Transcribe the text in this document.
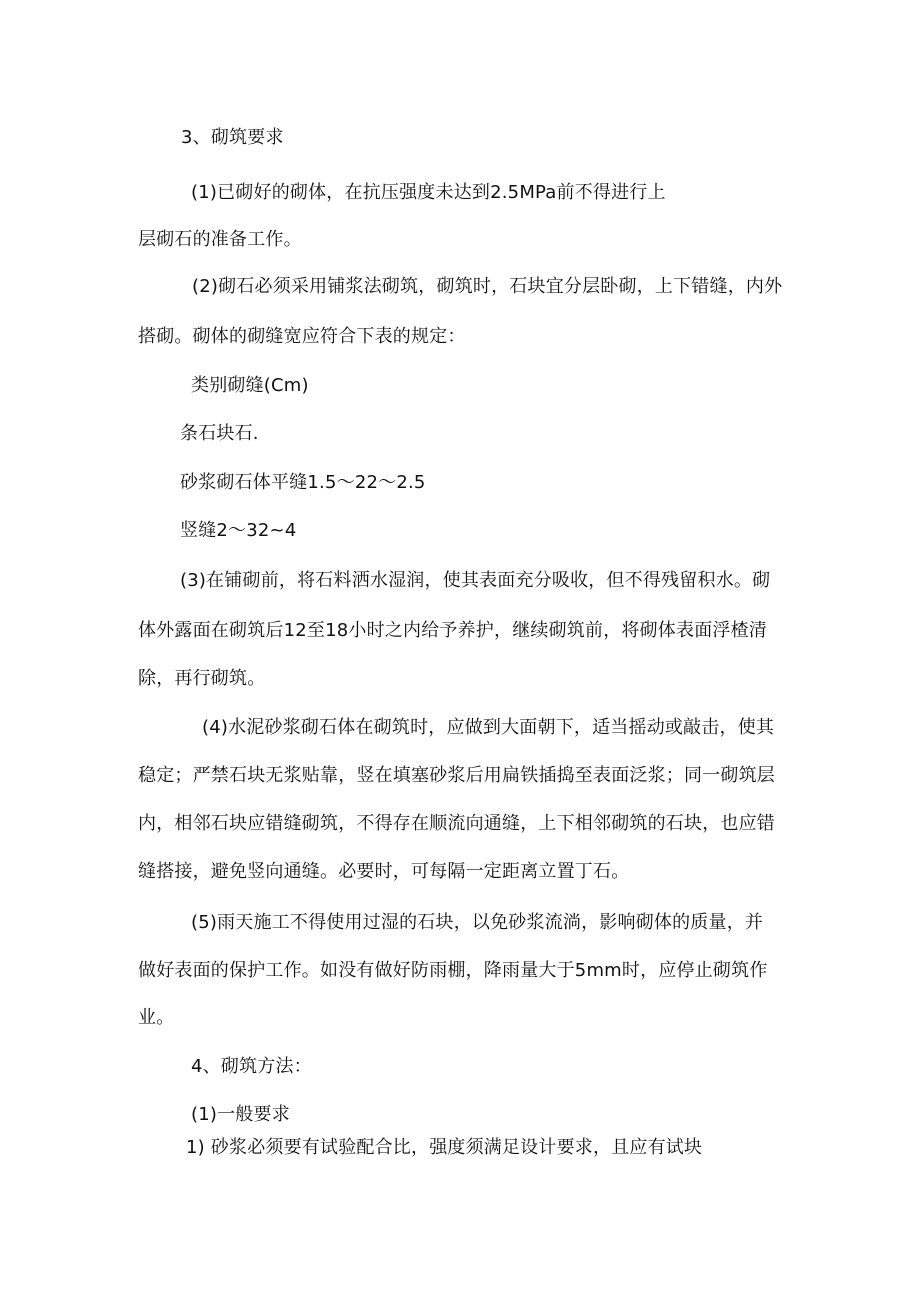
3、砌筑要求
(1)已砌好的砌体，在抗压强度未达到2.5MPa前不得进行上
层砌石的准备工作。
(2)砌石必须采用铺浆法砌筑，砌筑时，石块宜分层卧砌，上下错缝，内外
搭砌。砌体的砌缝宽应符合下表的规定：
类别砌缝(Cm)
条石块石.
砂浆砌石体平缝1.5〜22〜2.5
竖缝2〜32~4
(3)在铺砌前，将石料洒水湿润，使其表面充分吸收，但不得残留积水。砌
体外露面在砌筑后12至18小时之内给予养护，继续砌筑前，将砌体表面浮楂清
除，再行砌筑。
(4)水泥砂浆砌石体在砌筑时，应做到大面朝下，适当摇动或敲击，使其
稳定；严禁石块无浆贴靠，竖在填塞砂浆后用扁铁插捣至表面泛浆；同一砌筑层
内，相邻石块应错缝砌筑，不得存在顺流向通缝，上下相邻砌筑的石块，也应错
缝搭接，避免竖向通缝。必要时，可每隔一定距离立置丁石。
(5)雨天施工不得使用过湿的石块，以免砂浆流淌，影响砌体的质量，并
做好表面的保护工作。如没有做好防雨棚，降雨量大于5mm时，应停止砌筑作
业。
4、砌筑方法：
(1)一般要求
1) 砂浆必须要有试验配合比，强度须满足设计要求，且应有试块
